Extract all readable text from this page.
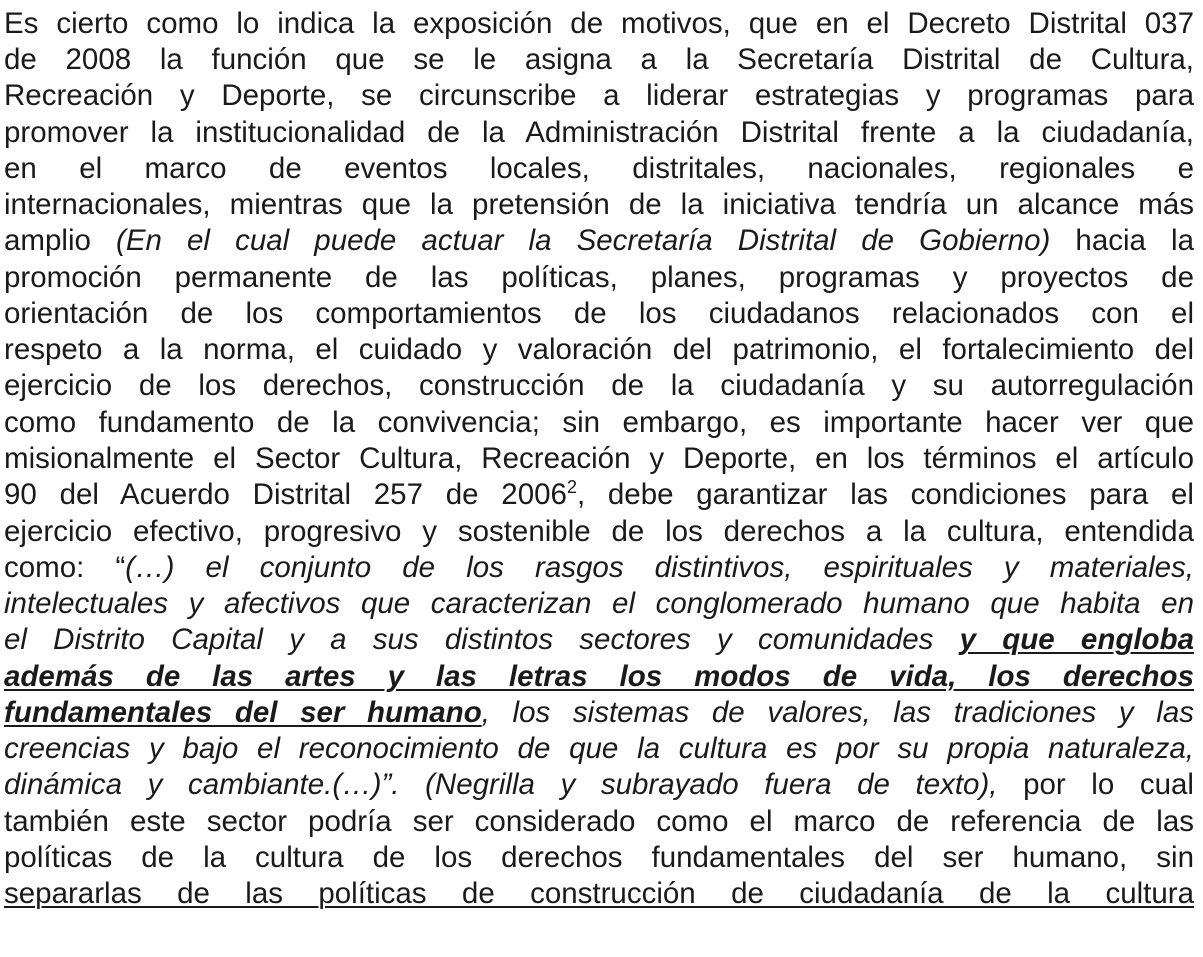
Es cierto como lo indica la exposición de motivos, que en el Decreto Distrital 037
de 2008 la función que se le asigna a la Secretaría Distrital de Cultura,
Recreación y Deporte, se circunscribe a liderar estrategias y programas para
promover la institucionalidad de la Administración Distrital frente a la ciudadanía,
en el marco de eventos locales, distritales, nacionales, regionales e
internacionales, mientras que la pretensión de la iniciativa tendría un alcance más
amplio (En el cual puede actuar la Secretaría Distrital de Gobierno) hacia la
promoción permanente de las políticas, planes, programas y proyectos de
orientación de los comportamientos de los ciudadanos relacionados con el
respeto a la norma, el cuidado y valoración del patrimonio, el fortalecimiento del
ejercicio de los derechos, construcción de la ciudadanía y su autorregulación
como fundamento de la convivencia; sin embargo, es importante hacer ver que
misionalmente el Sector Cultura, Recreación y Deporte, en los términos el artículo
90 del Acuerdo Distrital 257 de 2006$^2$, debe garantizar las condiciones para el
ejercicio efectivo, progresivo y sostenible de los derechos a la cultura, entendida
como: “(…) el conjunto de los rasgos distintivos, espirituales y materiales,
intelectuales y afectivos que caracterizan el conglomerado humano que habita en
el Distrito Capital y a sus distintos sectores y comunidades y que engloba
además de las artes y las letras los modos de vida, los derechos
fundamentales del ser humano, los sistemas de valores, las tradiciones y las
creencias y bajo el reconocimiento de que la cultura es por su propia naturaleza,
dinámica y cambiante.(…)”. (Negrilla y subrayado fuera de texto), por lo cual
también este sector podría ser considerado como el marco de referencia de las
políticas de la cultura de los derechos fundamentales del ser humano, sin
separarlas de las políticas de construcción de ciudadanía de la cultura
